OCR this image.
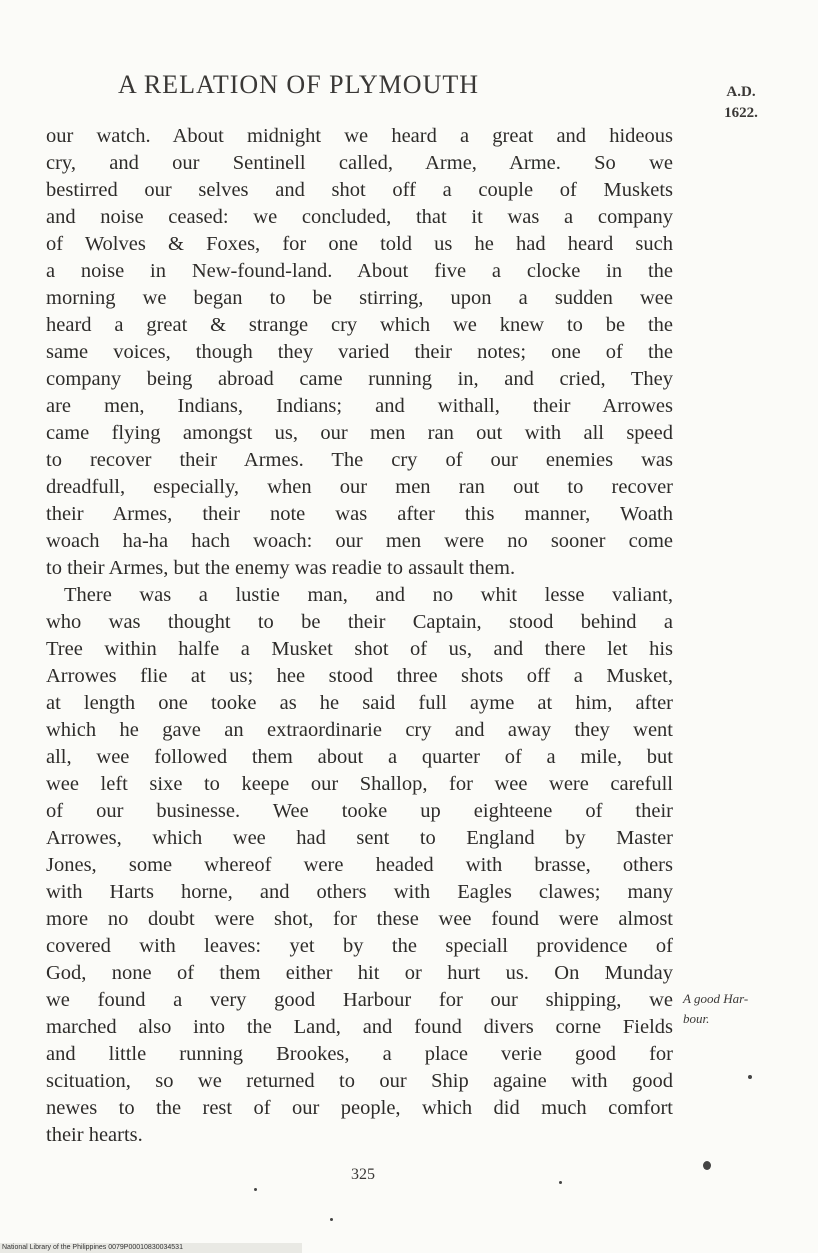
A RELATION OF PLYMOUTH	A.D.
1622.
our watch. About midnight we heard a great and hideous
cry, and our Sentinell called, Arme, Arme. So we
bestirred our selves and shot off a couple of Muskets
and noise ceased: we concluded, that it was a company
of Wolves & Foxes, for one told us he had heard such
a noise in New-found-land. About five a clocke in the
morning we began to be stirring, upon a sudden wee
heard a great & strange cry which we knew to be the
same voices, though they varied their notes; one of the
company being abroad came running in, and cried, They
are men, Indians, Indians; and withall, their Arrowes
came flying amongst us, our men ran out with all speed
to recover their Armes. The cry of our enemies was
dreadfull, especially, when our men ran out to recover
their Armes, their note was after this manner, Woath
woach ha-ha hach woach: our men were no sooner come
to their Armes, but the enemy was readie to assault them.
There was a lustie man, and no whit lesse valiant,
who was thought to be their Captain, stood behind a
Tree within halfe a Musket shot of us, and there let his
Arrowes flie at us; hee stood three shots off a Musket,
at length one tooke as he said full ayme at him, after
which he gave an extraordinarie cry and away they went
all, wee followed them about a quarter of a mile, but
wee left sixe to keepe our Shallop, for wee were carefull
of our businesse. Wee tooke up eighteene of their
Arrowes, which wee had sent to England by Master
Jones, some whereof were headed with brasse, others
with Harts horne, and others with Eagles clawes; many
more no doubt were shot, for these wee found were almost
covered with leaves: yet by the speciall providence of
God, none of them either hit or hurt us. On Munday
we found a very good Harbour for our shipping, we
marched also into the Land, and found divers corne Fields
and little running Brookes, a place verie good for
scituation, so we returned to our Ship againe with good
newes to the rest of our people, which did much comfort
their hearts.
A good Har-
bour.
325
National Library of the Philippines 0079P00010830034531
